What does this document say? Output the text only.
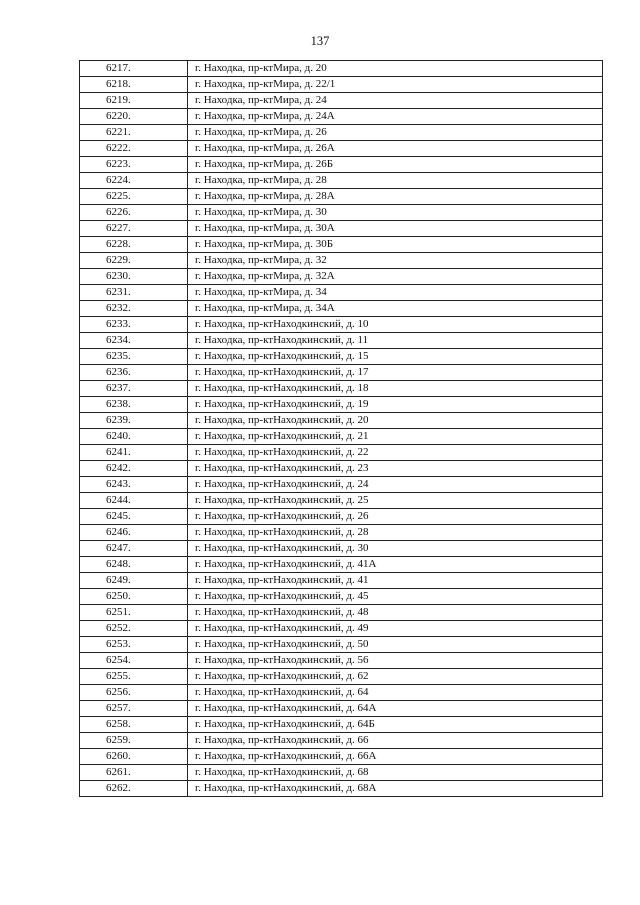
137
6217.	г. Находка, пр-ктМира, д. 20
6218.	г. Находка, пр-ктМира, д. 22/1
6219.	г. Находка, пр-ктМира, д. 24
6220.	г. Находка, пр-ктМира, д. 24А
6221.	г. Находка, пр-ктМира, д. 26
6222.	г. Находка, пр-ктМира, д. 26А
6223.	г. Находка, пр-ктМира, д. 26Б
6224.	г. Находка, пр-ктМира, д. 28
6225.	г. Находка, пр-ктМира, д. 28А
6226.	г. Находка, пр-ктМира, д. 30
6227.	г. Находка, пр-ктМира, д. 30А
6228.	г. Находка, пр-ктМира, д. 30Б
6229.	г. Находка, пр-ктМира, д. 32
6230.	г. Находка, пр-ктМира, д. 32А
6231.	г. Находка, пр-ктМира, д. 34
6232.	г. Находка, пр-ктМира, д. 34А
6233.	г. Находка, пр-ктНаходкинский, д. 10
6234.	г. Находка, пр-ктНаходкинский, д. 11
6235.	г. Находка, пр-ктНаходкинский, д. 15
6236.	г. Находка, пр-ктНаходкинский, д. 17
6237.	г. Находка, пр-ктНаходкинский, д. 18
6238.	г. Находка, пр-ктНаходкинский, д. 19
6239.	г. Находка, пр-ктНаходкинский, д. 20
6240.	г. Находка, пр-ктНаходкинский, д. 21
6241.	г. Находка, пр-ктНаходкинский, д. 22
6242.	г. Находка, пр-ктНаходкинский, д. 23
6243.	г. Находка, пр-ктНаходкинский, д. 24
6244.	г. Находка, пр-ктНаходкинский, д. 25
6245.	г. Находка, пр-ктНаходкинский, д. 26
6246.	г. Находка, пр-ктНаходкинский, д. 28
6247.	г. Находка, пр-ктНаходкинский, д. 30
6248.	г. Находка, пр-ктНаходкинский, д. 41А
6249.	г. Находка, пр-ктНаходкинский, д. 41
6250.	г. Находка, пр-ктНаходкинский, д. 45
6251.	г. Находка, пр-ктНаходкинский, д. 48
6252.	г. Находка, пр-ктНаходкинский, д. 49
6253.	г. Находка, пр-ктНаходкинский, д. 50
6254.	г. Находка, пр-ктНаходкинский, д. 56
6255.	г. Находка, пр-ктНаходкинский, д. 62
6256.	г. Находка, пр-ктНаходкинский, д. 64
6257.	г. Находка, пр-ктНаходкинский, д. 64А
6258.	г. Находка, пр-ктНаходкинский, д. 64Б
6259.	г. Находка, пр-ктНаходкинский, д. 66
6260.	г. Находка, пр-ктНаходкинский, д. 66А
6261.	г. Находка, пр-ктНаходкинский, д. 68
6262.	г. Находка, пр-ктНаходкинский, д. 68А
